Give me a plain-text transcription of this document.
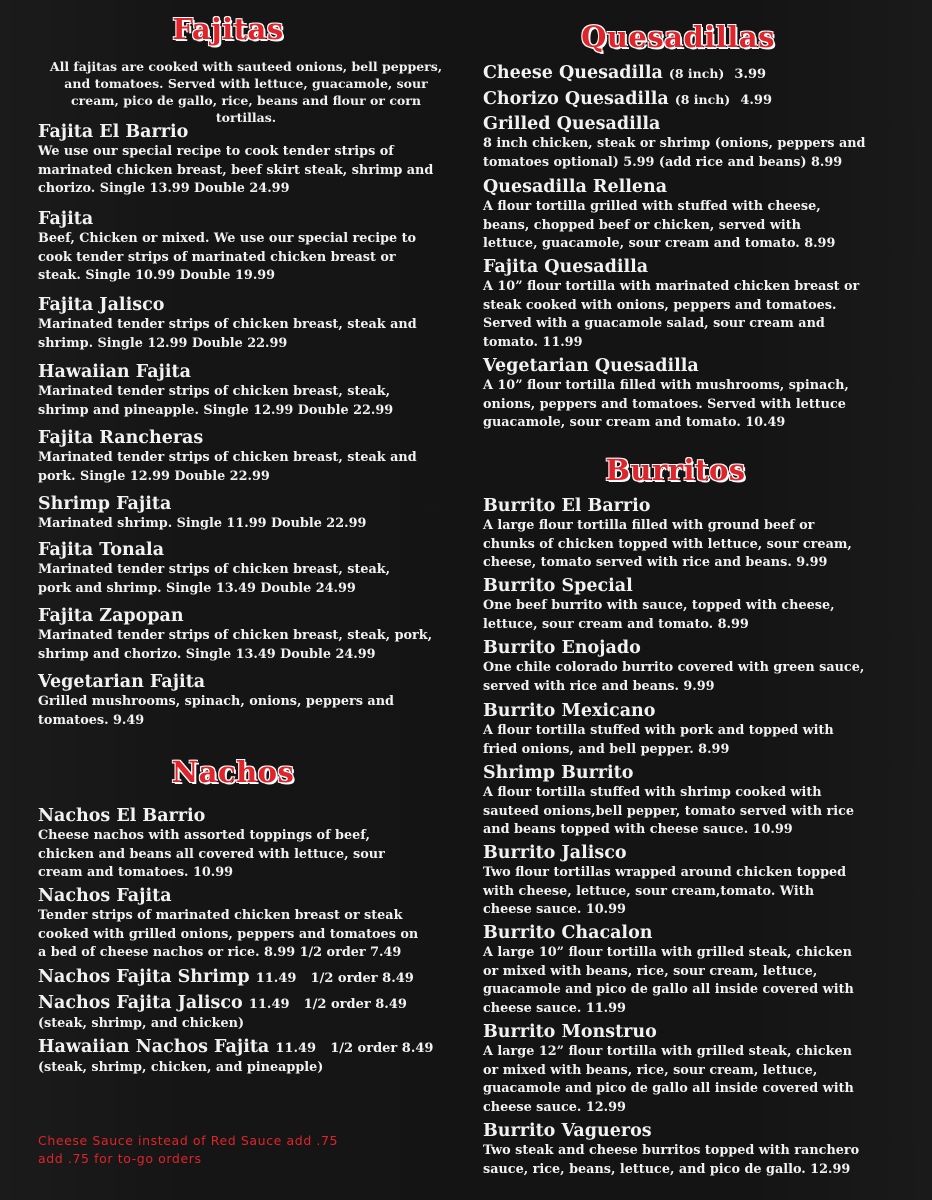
Fajitas
All fajitas are cooked with sauteed onions, bell peppers, and tomatoes. Served with lettuce, guacamole, sour cream, pico de gallo, rice, beans and flour or corn tortillas.
Fajita El Barrio
We use our special recipe to cook tender strips of marinated chicken breast, beef skirt steak, shrimp and chorizo. Single 13.99 Double 24.99
Fajita
Beef, Chicken or mixed. We use our special recipe to cook tender strips of marinated chicken breast or steak. Single 10.99 Double 19.99
Fajita Jalisco
Marinated tender strips of chicken breast, steak and shrimp. Single 12.99 Double 22.99
Hawaiian Fajita
Marinated tender strips of chicken breast, steak, shrimp and pineapple. Single 12.99 Double 22.99
Fajita Rancheras
Marinated tender strips of chicken breast, steak and pork. Single 12.99 Double 22.99
Shrimp Fajita
Marinated shrimp. Single 11.99 Double 22.99
Fajita Tonala
Marinated tender strips of chicken breast, steak, pork and shrimp. Single 13.49 Double 24.99
Fajita Zapopan
Marinated tender strips of chicken breast, steak, pork, shrimp and chorizo. Single 13.49 Double 24.99
Vegetarian Fajita
Grilled mushrooms, spinach, onions, peppers and tomatoes. 9.49
Nachos
Nachos El Barrio
Cheese nachos with assorted toppings of beef, chicken and beans all covered with lettuce, sour cream and tomatoes. 10.99
Nachos Fajita
Tender strips of marinated chicken breast or steak cooked with grilled onions, peppers and tomatoes on a bed of cheese nachos or rice. 8.99 1/2 order 7.49
Nachos Fajita Shrimp 11.49 1/2 order 8.49
Nachos Fajita Jalisco 11.49 1/2 order 8.49
(steak, shrimp, and chicken)
Hawaiian Nachos Fajita 11.49 1/2 order 8.49
(steak, shrimp, chicken, and pineapple)
Cheese Sauce instead of Red Sauce add .75
add .75 for to-go orders
Quesadillas
Cheese Quesadilla (8 inch) 3.99
Chorizo Quesadilla (8 inch) 4.99
Grilled Quesadilla
8 inch chicken, steak or shrimp (onions, peppers and tomatoes optional) 5.99 (add rice and beans) 8.99
Quesadilla Rellena
A flour tortilla grilled with stuffed with cheese, beans, chopped beef or chicken, served with lettuce, guacamole, sour cream and tomato. 8.99
Fajita Quesadilla
A 10” flour tortilla with marinated chicken breast or steak cooked with onions, peppers and tomatoes. Served with a guacamole salad, sour cream and tomato. 11.99
Vegetarian Quesadilla
A 10” flour tortilla filled with mushrooms, spinach, onions, peppers and tomatoes. Served with lettuce guacamole, sour cream and tomato. 10.49
Burritos
Burrito El Barrio
A large flour tortilla filled with ground beef or chunks of chicken topped with lettuce, sour cream, cheese, tomato served with rice and beans. 9.99
Burrito Special
One beef burrito with sauce, topped with cheese, lettuce, sour cream and tomato. 8.99
Burrito Enojado
One chile colorado burrito covered with green sauce, served with rice and beans. 9.99
Burrito Mexicano
A flour tortilla stuffed with pork and topped with fried onions, and bell pepper. 8.99
Shrimp Burrito
A flour tortilla stuffed with shrimp cooked with sauteed onions,bell pepper, tomato served with rice and beans topped with cheese sauce. 10.99
Burrito Jalisco
Two flour tortillas wrapped around chicken topped with cheese, lettuce, sour cream,tomato. With cheese sauce. 10.99
Burrito Chacalon
A large 10” flour tortilla with grilled steak, chicken or mixed with beans, rice, sour cream, lettuce, guacamole and pico de gallo all inside covered with cheese sauce. 11.99
Burrito Monstruo
A large 12” flour tortilla with grilled steak, chicken or mixed with beans, rice, sour cream, lettuce, guacamole and pico de gallo all inside covered with cheese sauce. 12.99
Burrito Vagueros
Two steak and cheese burritos topped with ranchero sauce, rice, beans, lettuce, and pico de gallo. 12.99
